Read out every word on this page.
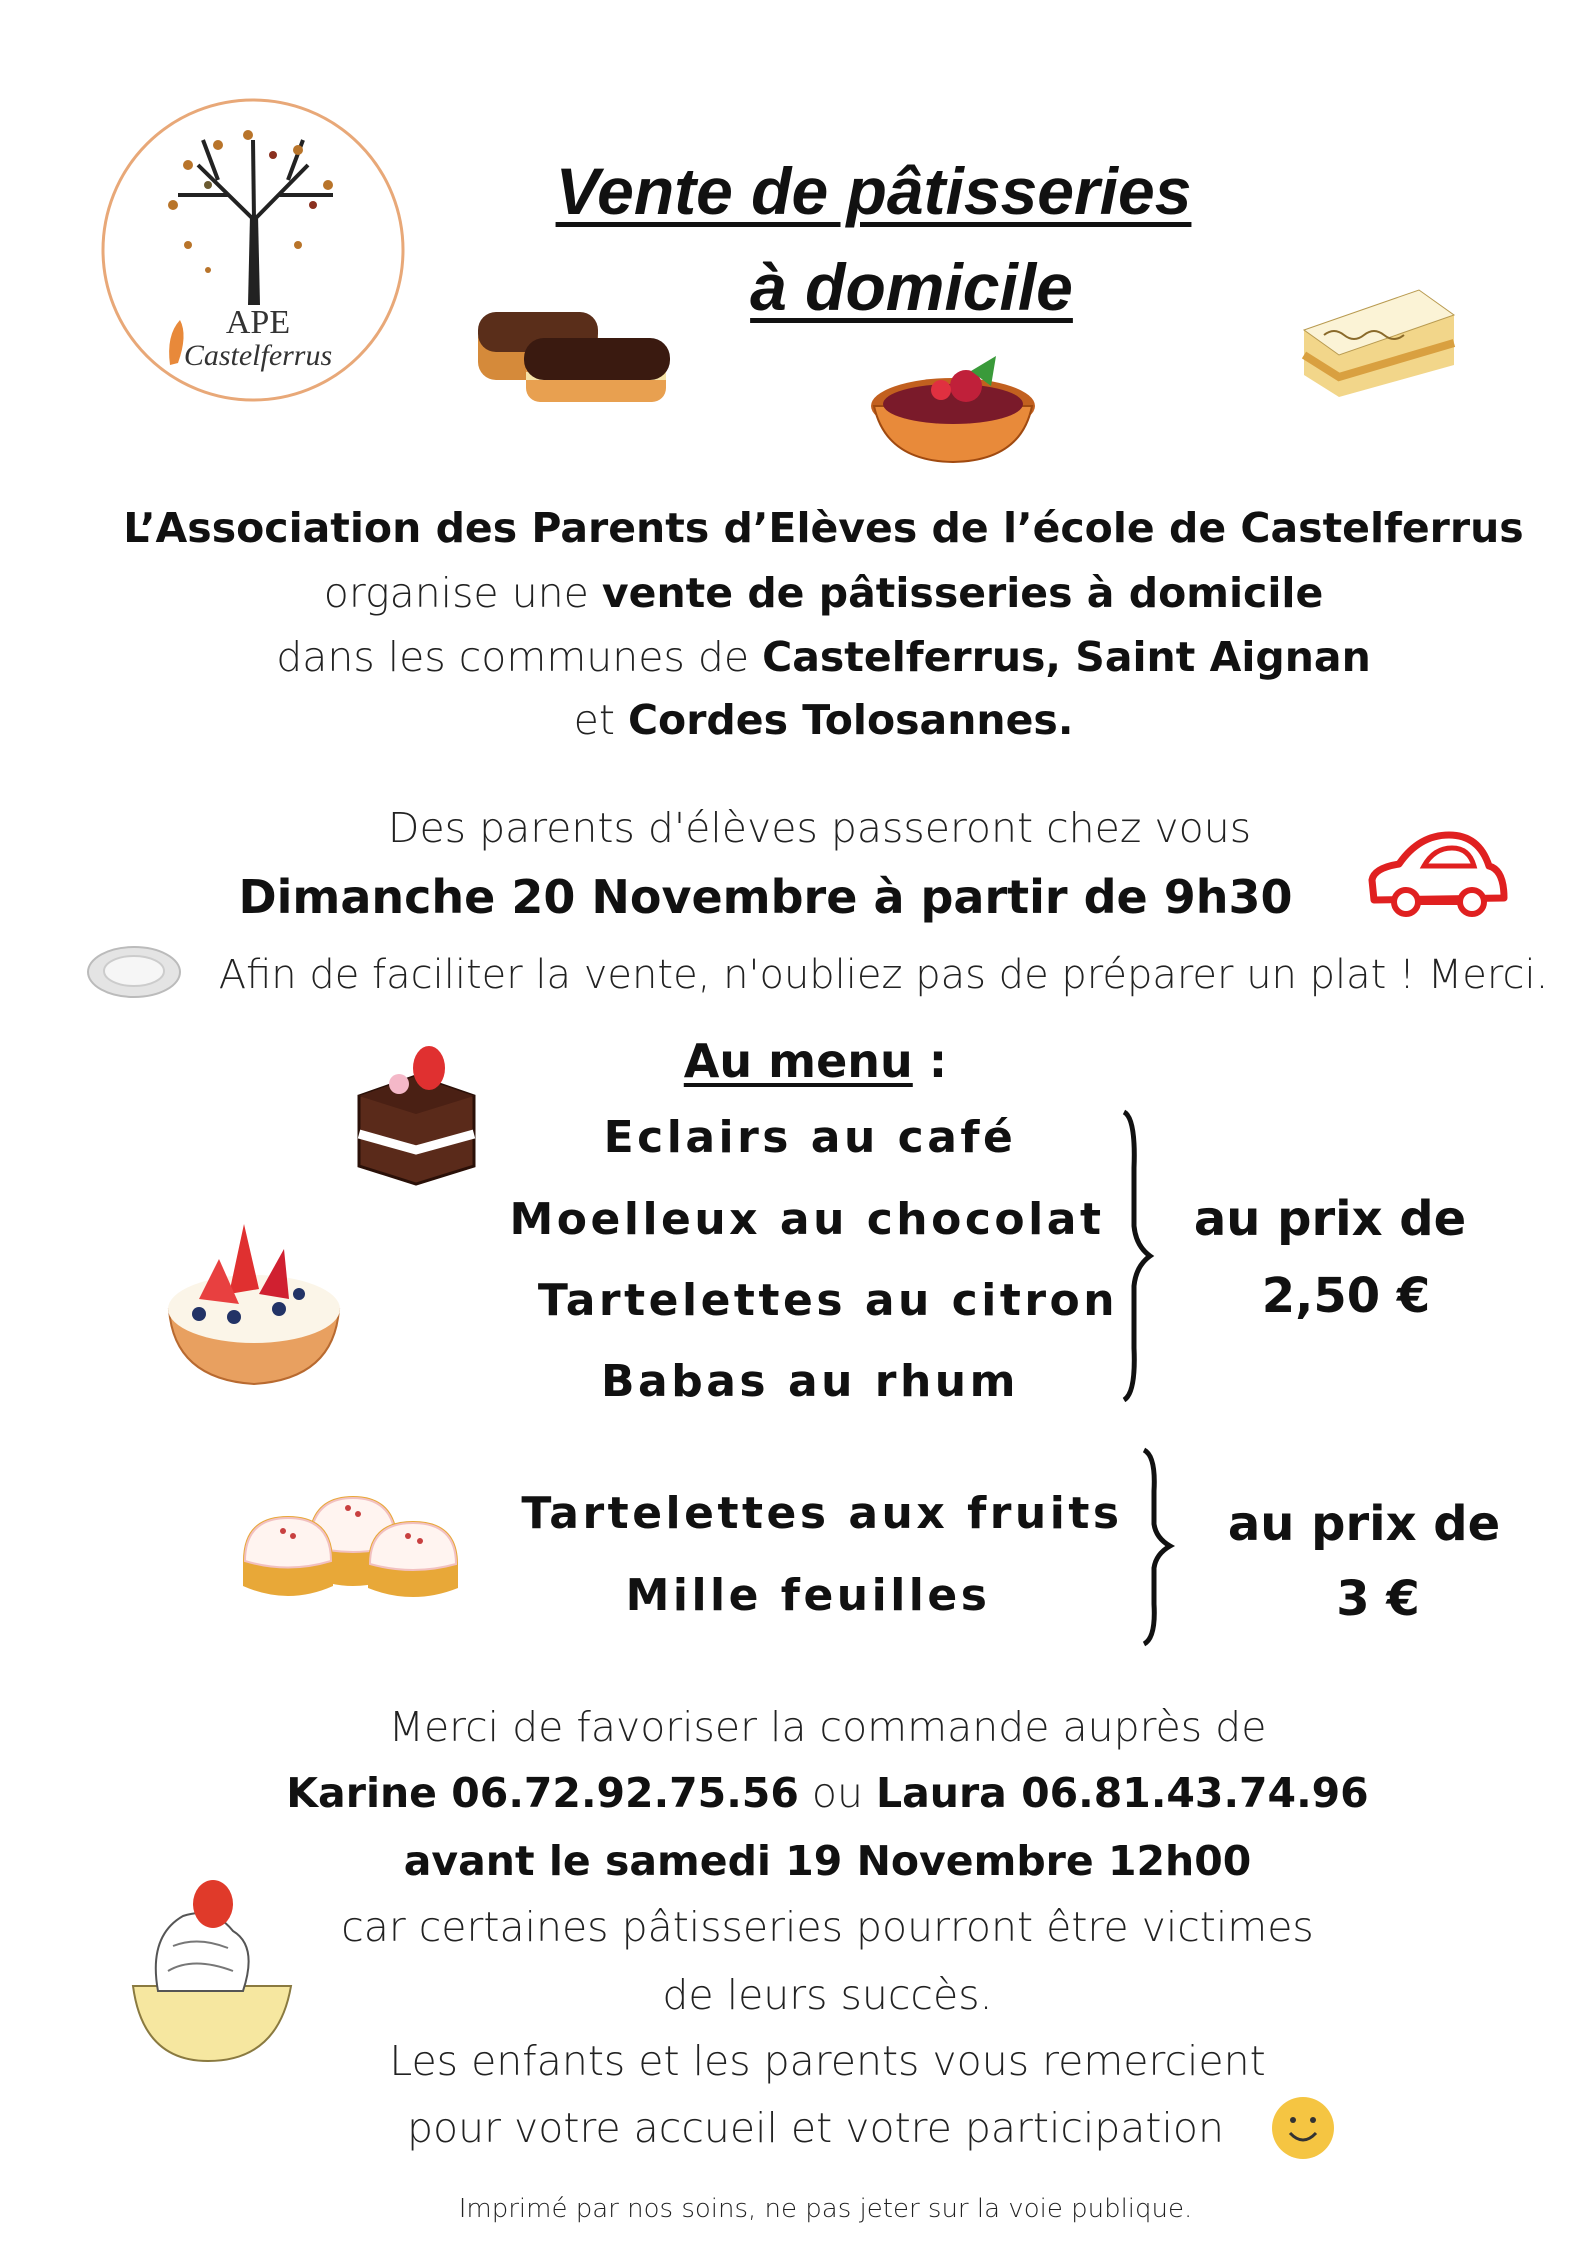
APE
Castelferrus
Vente de pâtisseries
à domicile
L’Association des Parents d’Elèves de l’école de Castelferrus
organise une vente de pâtisseries à domicile
dans les communes de Castelferrus, Saint Aignan
et Cordes Tolosannes.
Des parents d'élèves passeront chez vous
Dimanche 20 Novembre à partir de 9h30
Afin de faciliter la vente, n'oubliez pas de préparer un plat ! Merci.
Au menu :
Eclairs au café
Moelleux au chocolat
Tartelettes au citron
Babas au rhum
au prix de
2,50 €
Tartelettes aux fruits
Mille feuilles
au prix de
3 €
Merci de favoriser la commande auprès de
Karine 06.72.92.75.56 ou Laura 06.81.43.74.96
avant le samedi 19 Novembre 12h00
car certaines pâtisseries pourront être victimes
de leurs succès.
Les enfants et les parents vous remercient
pour votre accueil et votre participation
Imprimé par nos soins, ne pas jeter sur la voie publique.
